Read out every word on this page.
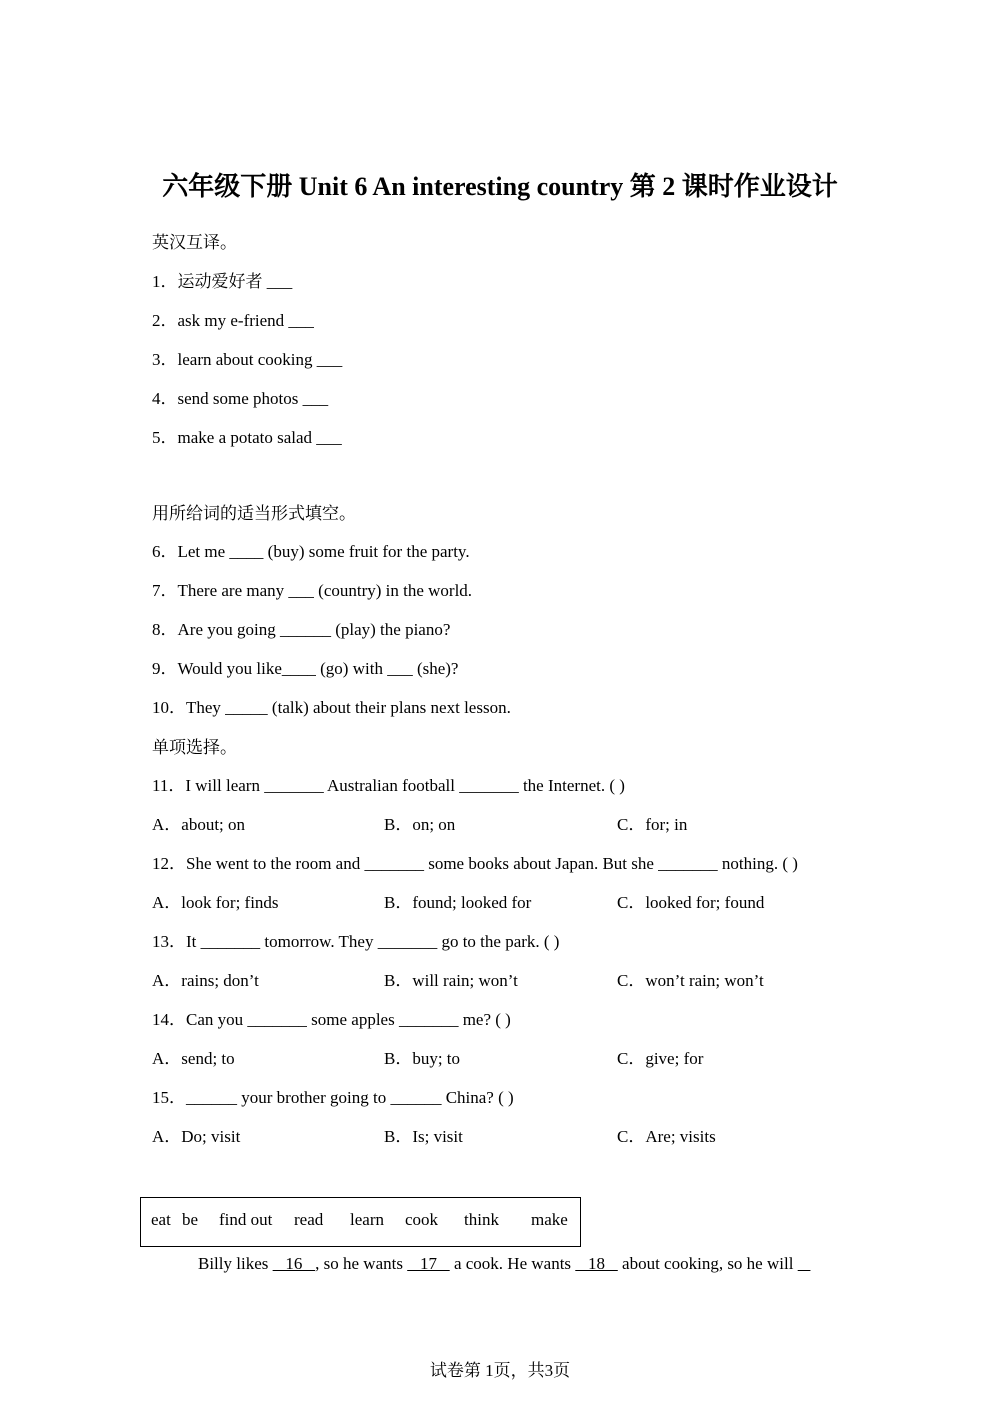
六年级下册 Unit 6 An interesting country 第 2 课时作业设计
英汉互译。
1．运动爱好者 ___
2．ask my e-friend ___
3．learn about cooking ___
4．send some photos ___
5．make a potato salad ___
用所给词的适当形式填空。
6．Let me ____ (buy) some fruit for the party.
7．There are many ___ (country) in the world.
8．Are you going ______ (play) the piano?
9．Would you like____ (go) with ___ (she)?
10．They _____ (talk) about their plans next lesson.
单项选择。
11．I will learn _______ Australian football _______ the Internet. ( )
A．about; on	B．on; on	C．for; in
12．She went to the room and _______ some books about Japan. But she _______ nothing. ( )
A．look for; finds	B．found; looked for	C．looked for; found
13．It _______ tomorrow. They _______ go to the park. ( )
A．rains; don’t	B．will rain; won’t	C．won’t rain; won’t
14．Can you _______ some apples _______ me? ( )
A．send; to	B．buy; to	C．give; for
15．______ your brother going to ______ China? ( )
A．Do; visit	B．Is; visit	C．Are; visits
eat be find out read learn cook think make
Billy likes    16   , so he wants    17    a cook. He wants    18    about cooking, so he will
试卷第 1页，共3页
